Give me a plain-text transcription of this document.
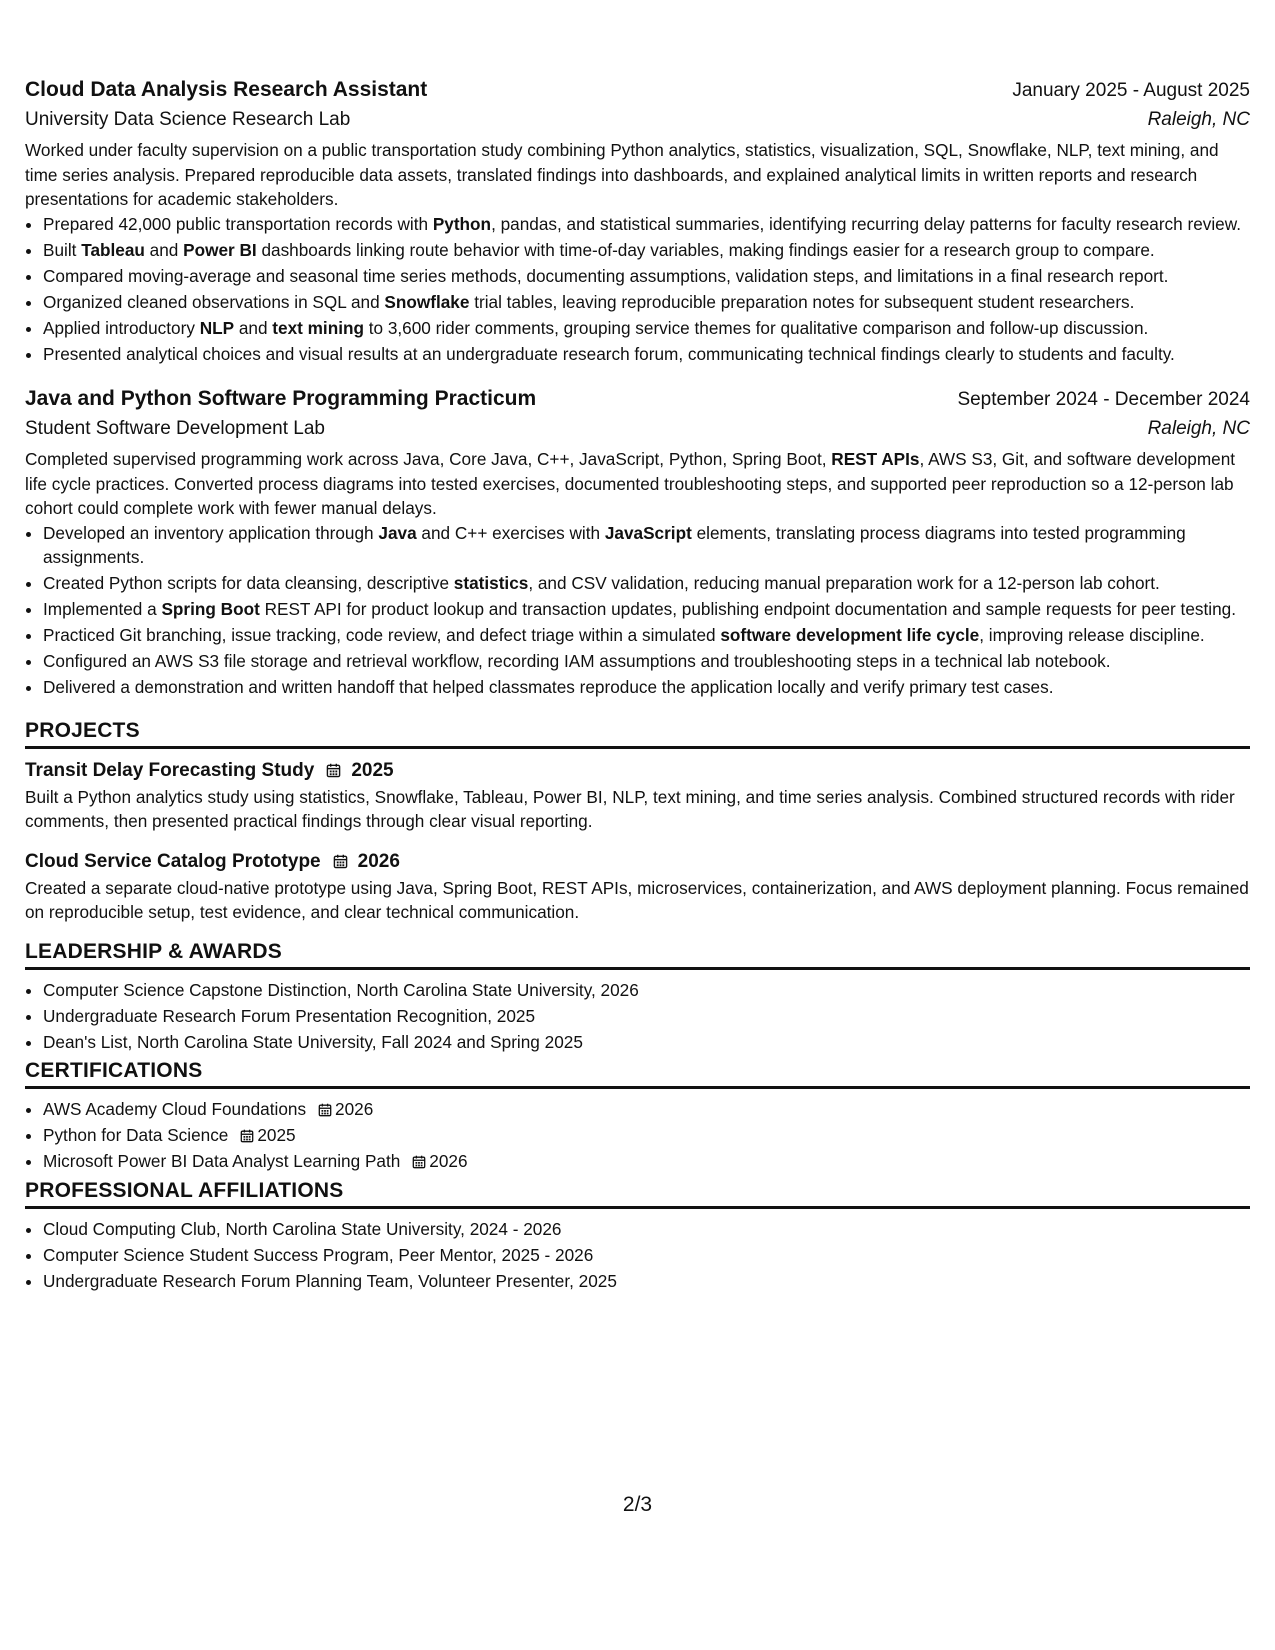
Cloud Data Analysis Research Assistant	January 2025 - August 2025
University Data Science Research Lab	Raleigh, NC
Worked under faculty supervision on a public transportation study combining Python analytics, statistics, visualization, SQL, Snowflake, NLP, text mining, and time series analysis. Prepared reproducible data assets, translated findings into dashboards, and explained analytical limits in written reports and research presentations for academic stakeholders.
• Prepared 42,000 public transportation records with Python, pandas, and statistical summaries, identifying recurring delay patterns for faculty research review.
• Built Tableau and Power BI dashboards linking route behavior with time-of-day variables, making findings easier for a research group to compare.
• Compared moving-average and seasonal time series methods, documenting assumptions, validation steps, and limitations in a final research report.
• Organized cleaned observations in SQL and Snowflake trial tables, leaving reproducible preparation notes for subsequent student researchers.
• Applied introductory NLP and text mining to 3,600 rider comments, grouping service themes for qualitative comparison and follow-up discussion.
• Presented analytical choices and visual results at an undergraduate research forum, communicating technical findings clearly to students and faculty.
Java and Python Software Programming Practicum	September 2024 - December 2024
Student Software Development Lab	Raleigh, NC
Completed supervised programming work across Java, Core Java, C++, JavaScript, Python, Spring Boot, REST APIs, AWS S3, Git, and software development life cycle practices. Converted process diagrams into tested exercises, documented troubleshooting steps, and supported peer reproduction so a 12-person lab cohort could complete work with fewer manual delays.
• Developed an inventory application through Java and C++ exercises with JavaScript elements, translating process diagrams into tested programming assignments.
• Created Python scripts for data cleansing, descriptive statistics, and CSV validation, reducing manual preparation work for a 12-person lab cohort.
• Implemented a Spring Boot REST API for product lookup and transaction updates, publishing endpoint documentation and sample requests for peer testing.
• Practiced Git branching, issue tracking, code review, and defect triage within a simulated software development life cycle, improving release discipline.
• Configured an AWS S3 file storage and retrieval workflow, recording IAM assumptions and troubleshooting steps in a technical lab notebook.
• Delivered a demonstration and written handoff that helped classmates reproduce the application locally and verify primary test cases.
PROJECTS
Transit Delay Forecasting Study 2025
Built a Python analytics study using statistics, Snowflake, Tableau, Power BI, NLP, text mining, and time series analysis. Combined structured records with rider comments, then presented practical findings through clear visual reporting.
Cloud Service Catalog Prototype 2026
Created a separate cloud-native prototype using Java, Spring Boot, REST APIs, microservices, containerization, and AWS deployment planning. Focus remained on reproducible setup, test evidence, and clear technical communication.
LEADERSHIP & AWARDS
• Computer Science Capstone Distinction, North Carolina State University, 2026
• Undergraduate Research Forum Presentation Recognition, 2025
• Dean's List, North Carolina State University, Fall 2024 and Spring 2025
CERTIFICATIONS
• AWS Academy Cloud Foundations 2026
• Python for Data Science 2025
• Microsoft Power BI Data Analyst Learning Path 2026
PROFESSIONAL AFFILIATIONS
• Cloud Computing Club, North Carolina State University, 2024 - 2026
• Computer Science Student Success Program, Peer Mentor, 2025 - 2026
• Undergraduate Research Forum Planning Team, Volunteer Presenter, 2025
2/3
